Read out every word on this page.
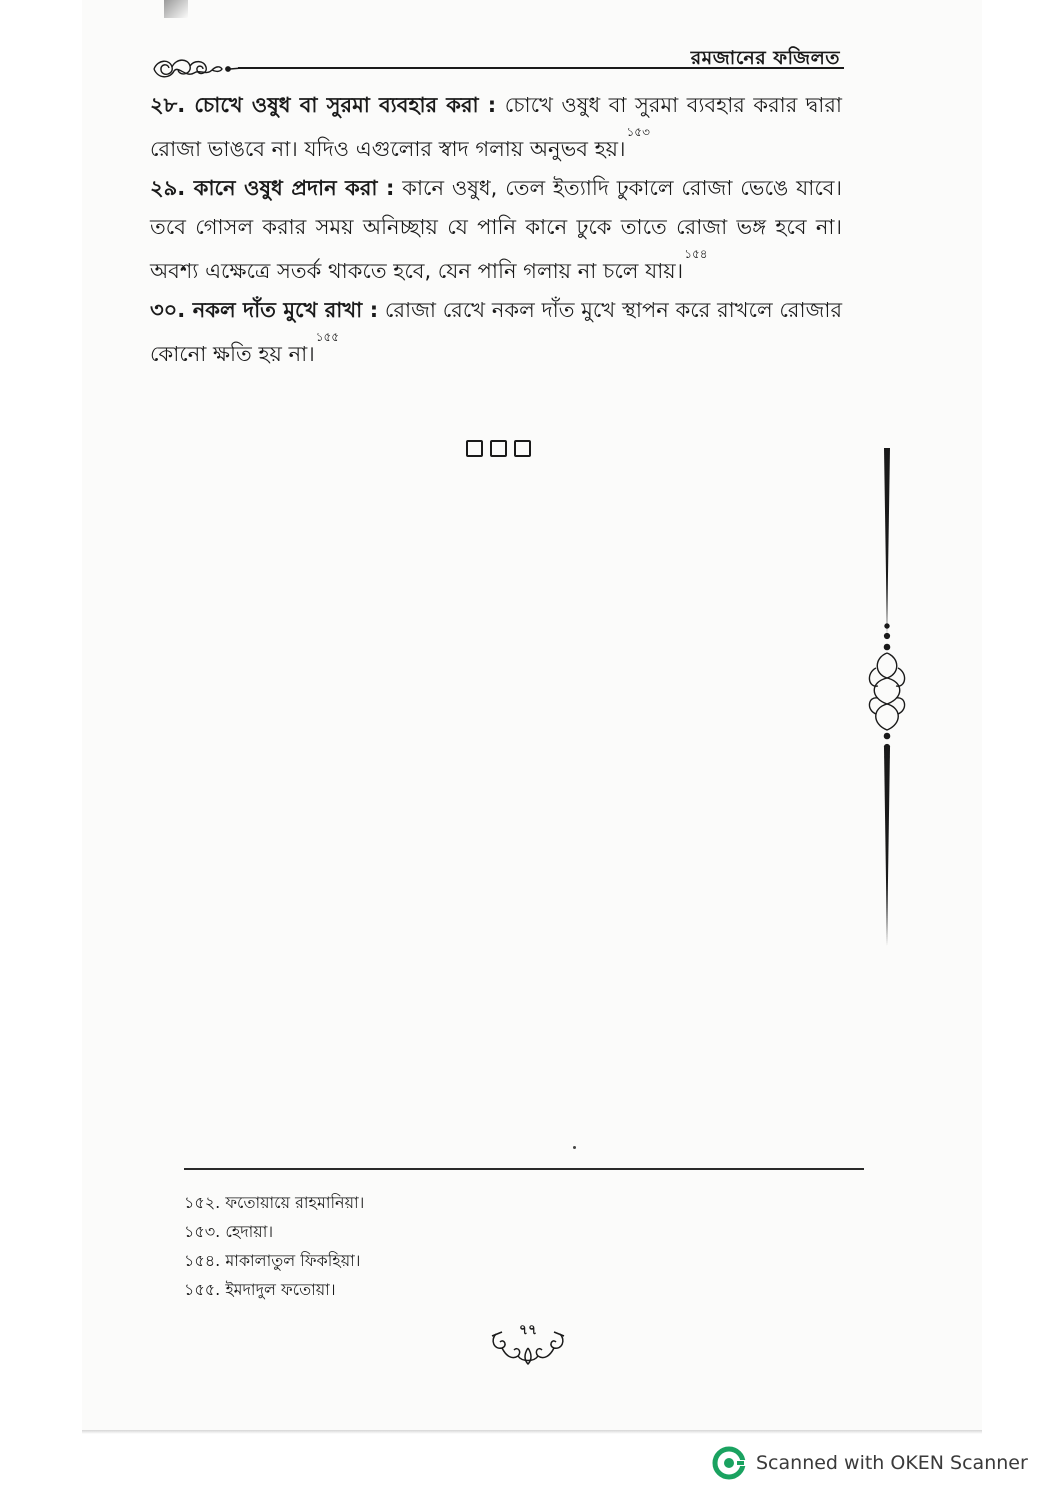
রমজানের ফজিলত

২৮. চোখে ওষুধ বা সুরমা ব্যবহার করা : চোখে ওষুধ বা সুরমা ব্যবহার করার দ্বারা রোজা ভাঙবে না। যদিও এগুলোর স্বাদ গলায় অনুভব হয়।$^{১৫৩}$

২৯. কানে ওষুধ প্রদান করা : কানে ওষুধ, তেল ইত্যাদি ঢুকালে রোজা ভেঙে যাবে। তবে গোসল করার সময় অনিচ্ছায় যে পানি কানে ঢুকে তাতে রোজা ভঙ্গ হবে না। অবশ্য এক্ষেত্রে সতর্ক থাকতে হবে, যেন পানি গলায় না চলে যায়।$^{১৫৪}$

৩০. নকল দাঁত মুখে রাখা : রোজা রেখে নকল দাঁত মুখে স্থাপন করে রাখলে রোজার কোনো ক্ষতি হয় না।$^{১৫৫}$

১৫২. ফতোয়ায়ে রাহমানিয়া।

১৫৩. হেদায়া।

১৫৪. মাকালাতুল ফিকহিয়া।

১৫৫. ইমদাদুল ফতোয়া।

৭৭
Scanned with OKEN Scanner
